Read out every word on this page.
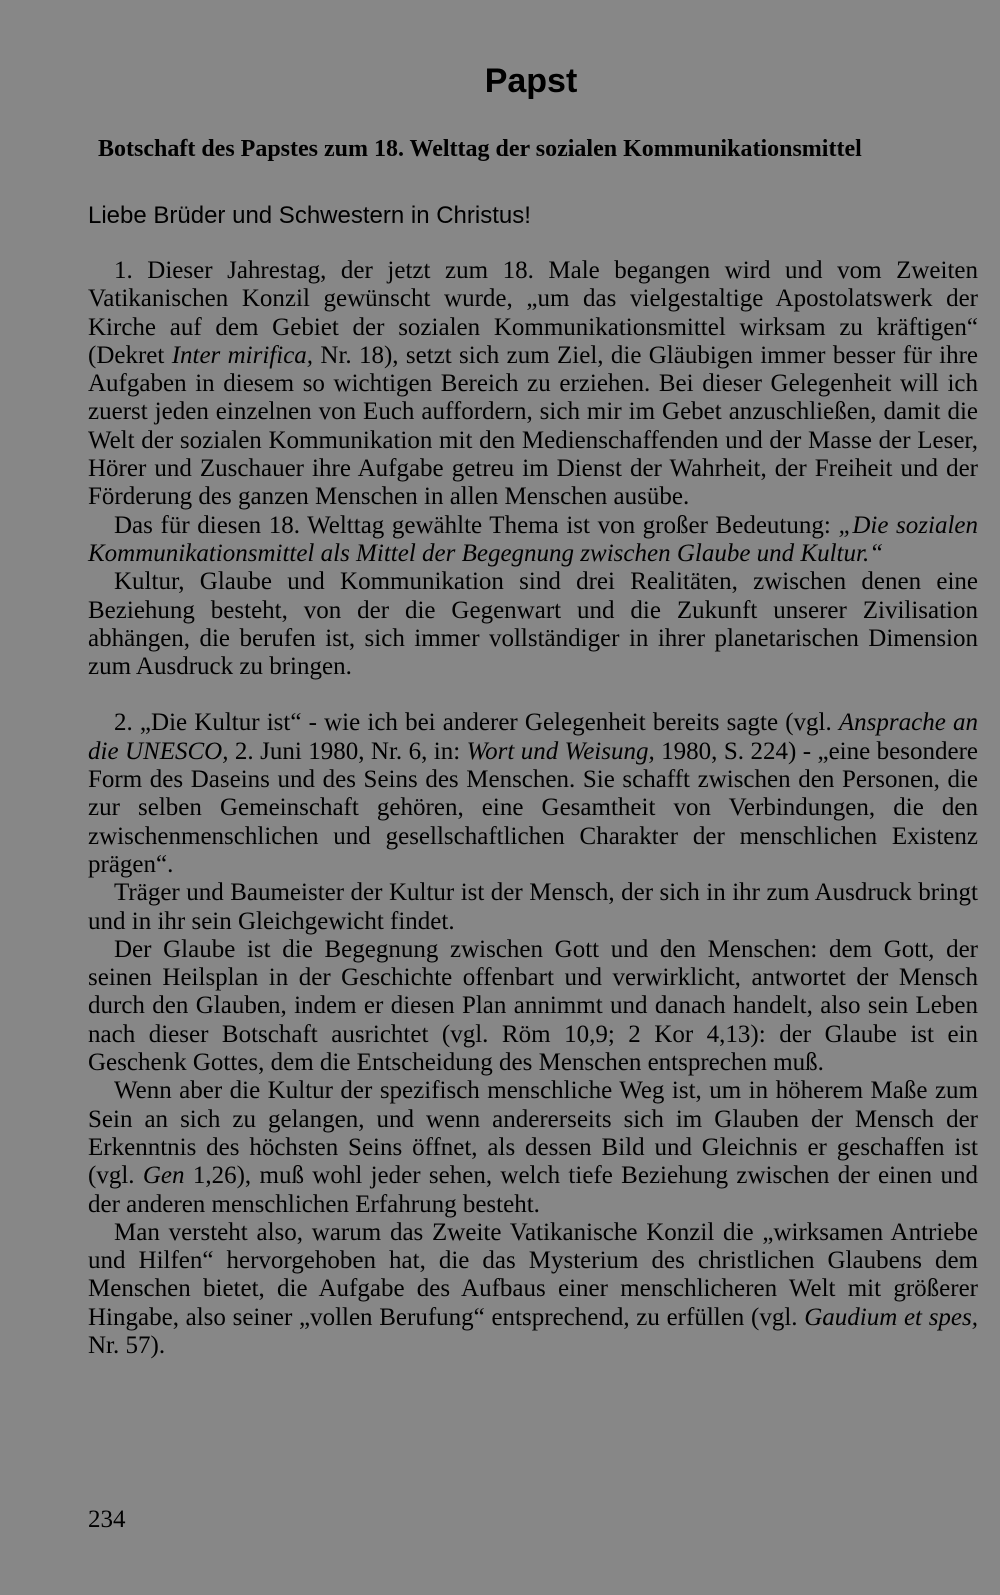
Papst
Botschaft des Papstes zum 18. Welttag der sozialen Kommunikationsmittel
Liebe Brüder und Schwestern in Christus!

1. Dieser Jahrestag, der jetzt zum 18. Male begangen wird und vom Zweiten Vatikanischen Konzil gewünscht wurde, „um das vielgestaltige Apostolatswerk der Kirche auf dem Gebiet der sozialen Kommunikationsmittel wirksam zu kräftigen“ (Dekret Inter mirifica, Nr. 18), setzt sich zum Ziel, die Gläubigen immer besser für ihre Aufgaben in diesem so wichtigen Bereich zu erziehen. Bei dieser Gelegenheit will ich zuerst jeden einzelnen von Euch auffordern, sich mir im Gebet anzuschließen, damit die Welt der sozialen Kommunikation mit den Medienschaffenden und der Masse der Leser, Hörer und Zuschauer ihre Aufgabe getreu im Dienst der Wahrheit, der Freiheit und der Förderung des ganzen Menschen in allen Menschen ausübe.

Das für diesen 18. Welttag gewählte Thema ist von großer Bedeutung: „Die sozialen Kommunikationsmittel als Mittel der Begegnung zwischen Glaube und Kultur.“

Kultur, Glaube und Kommunikation sind drei Realitäten, zwischen denen eine Beziehung besteht, von der die Gegenwart und die Zukunft unserer Zivilisation abhängen, die berufen ist, sich immer vollständiger in ihrer planetarischen Dimension zum Ausdruck zu bringen.

2. „Die Kultur ist“ - wie ich bei anderer Gelegenheit bereits sagte (vgl. Ansprache an die UNESCO, 2. Juni 1980, Nr. 6, in: Wort und Weisung, 1980, S. 224) - „eine besondere Form des Daseins und des Seins des Menschen. Sie schafft zwischen den Personen, die zur selben Gemeinschaft gehören, eine Gesamtheit von Verbindungen, die den zwischenmenschlichen und gesellschaftlichen Charakter der menschlichen Existenz prägen“.

Träger und Baumeister der Kultur ist der Mensch, der sich in ihr zum Ausdruck bringt und in ihr sein Gleichgewicht findet.

Der Glaube ist die Begegnung zwischen Gott und den Menschen: dem Gott, der seinen Heilsplan in der Geschichte offenbart und verwirklicht, antwortet der Mensch durch den Glauben, indem er diesen Plan annimmt und danach handelt, also sein Leben nach dieser Botschaft ausrichtet (vgl. Röm 10,9; 2 Kor 4,13): der Glaube ist ein Geschenk Gottes, dem die Entscheidung des Menschen entsprechen muß.

Wenn aber die Kultur der spezifisch menschliche Weg ist, um in höherem Maße zum Sein an sich zu gelangen, und wenn andererseits sich im Glauben der Mensch der Erkenntnis des höchsten Seins öffnet, als dessen Bild und Gleichnis er geschaffen ist (vgl. Gen 1,26), muß wohl jeder sehen, welch tiefe Beziehung zwischen der einen und der anderen menschlichen Erfahrung besteht.

Man versteht also, warum das Zweite Vatikanische Konzil die „wirksamen Antriebe und Hilfen“ hervorgehoben hat, die das Mysterium des christlichen Glaubens dem Menschen bietet, die Aufgabe des Aufbaus einer menschlicheren Welt mit größerer Hingabe, also seiner „vollen Berufung“ entsprechend, zu erfüllen (vgl. Gaudium et spes, Nr. 57).

234
